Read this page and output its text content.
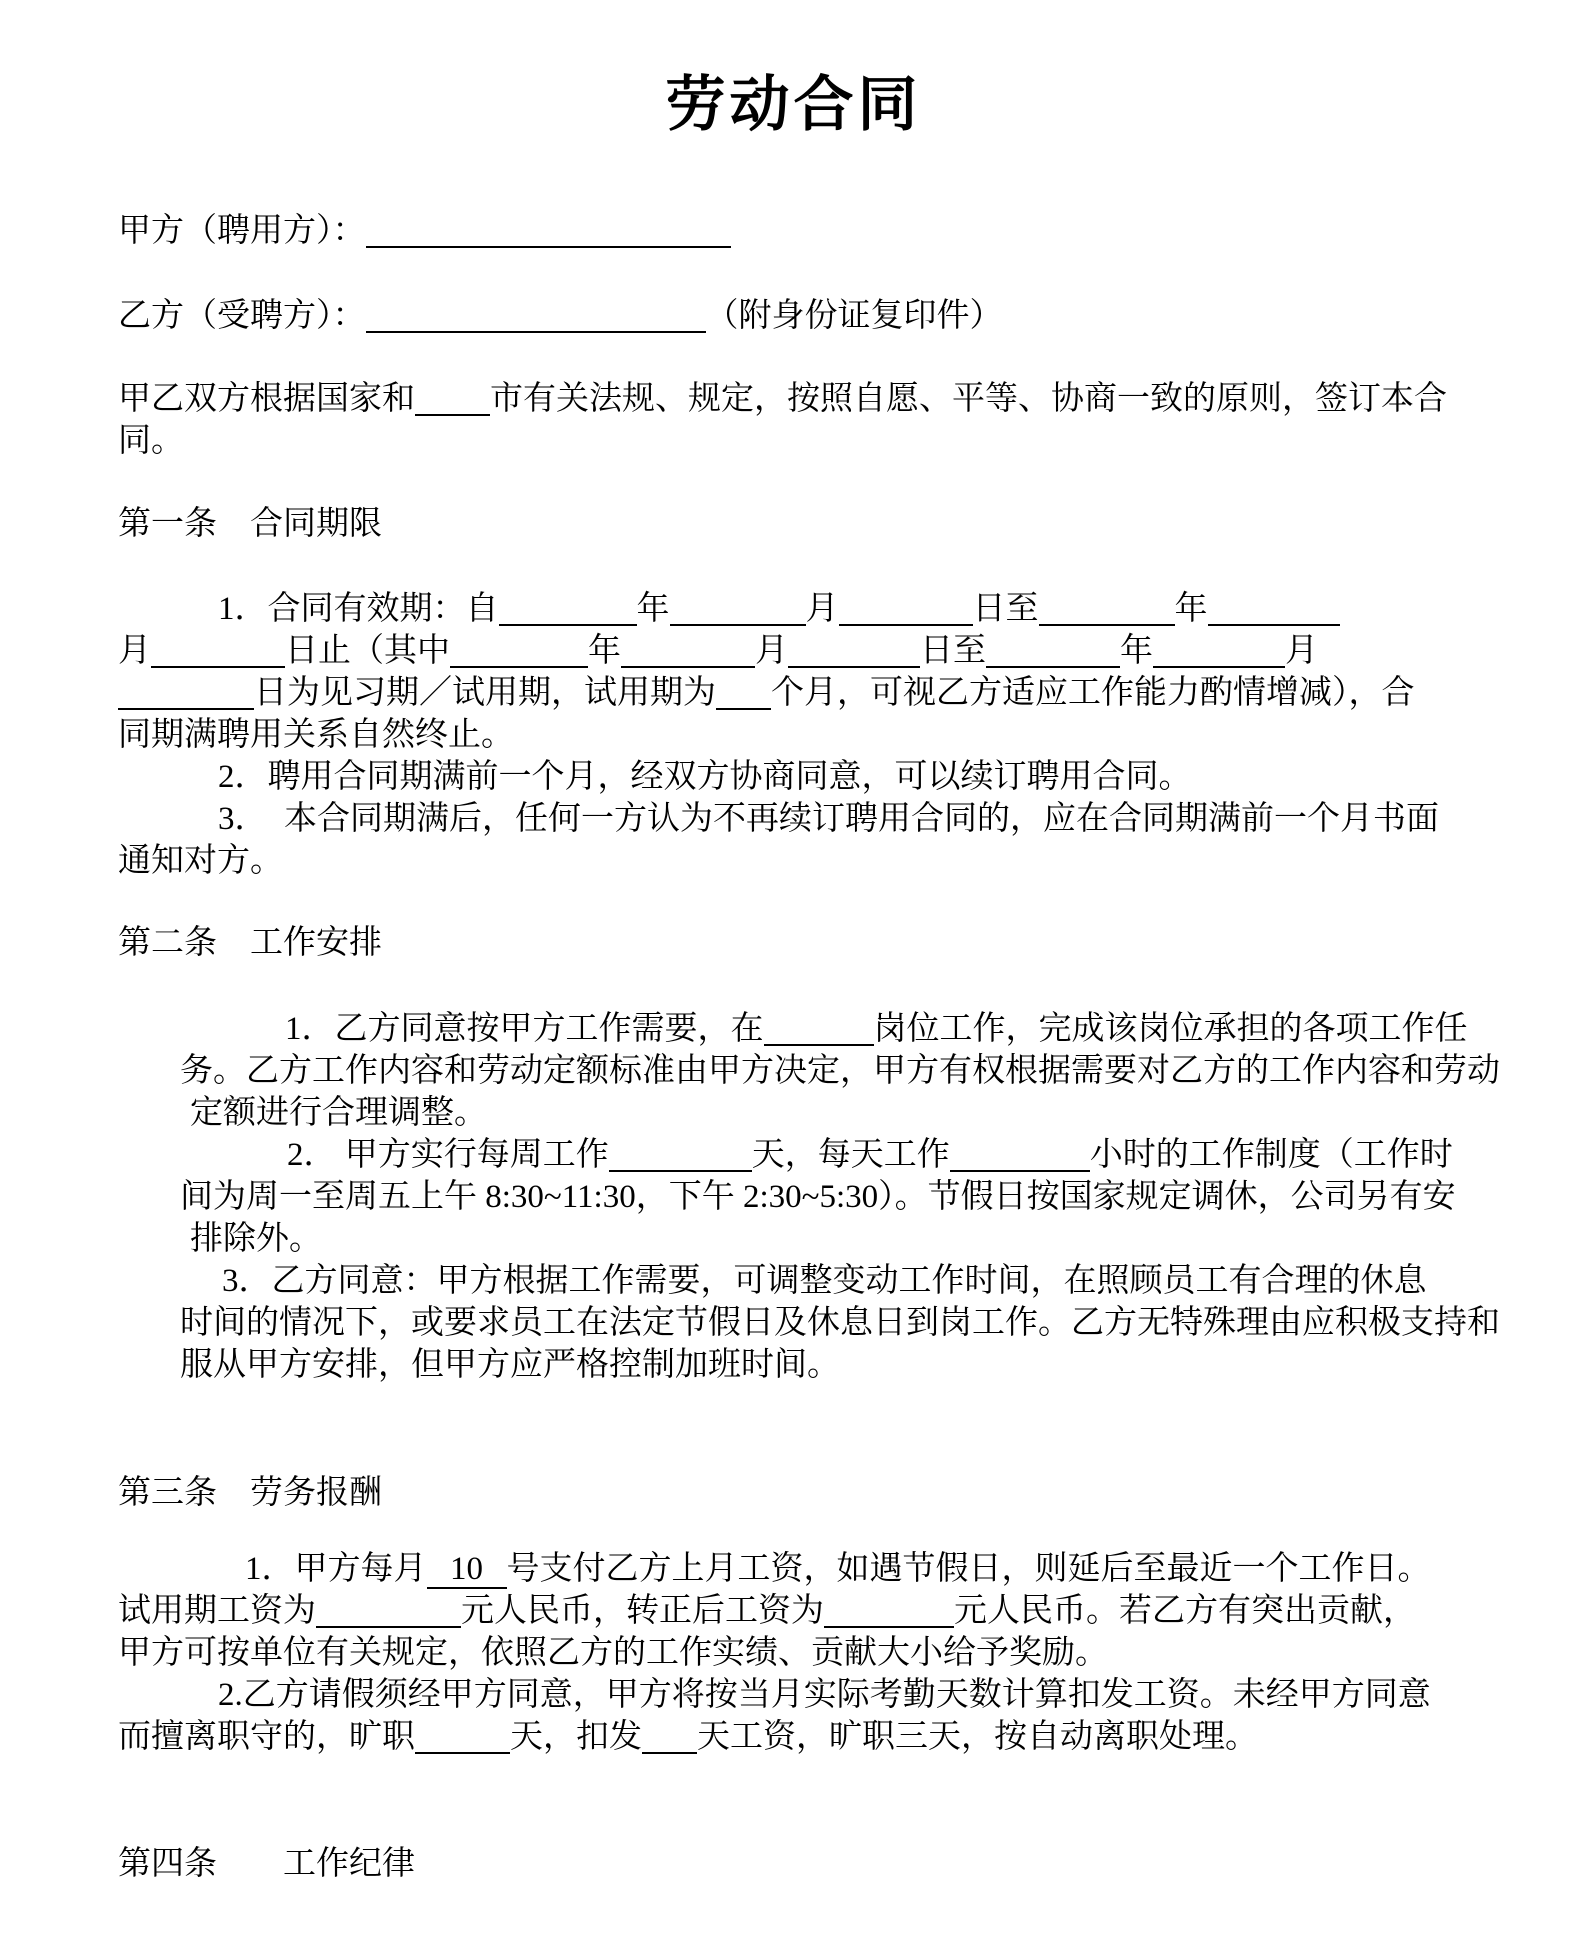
劳动合同
甲方（聘用方）：
乙方（受聘方）：	（附身份证复印件）
甲乙双方根据国家和 市有关法规、规定，按照自愿、平等、协商一致的原则，签订本合
同。
第一条　合同期限
1．合同有效期：自	年	月	日至	年
月	日止（其中	年	月	日至	年	月
日为见习期／试用期，试用期为 个月，可视乙方适应工作能力酌情增减），合
同期满聘用关系自然终止。
2．聘用合同期满前一个月，经双方协商同意，可以续订聘用合同。
3．　本合同期满后，任何一方认为不再续订聘用合同的，应在合同期满前一个月书面
通知对方。
第二条　工作安排
1．乙方同意按甲方工作需要，在	岗位工作，完成该岗位承担的各项工作任
务。乙方工作内容和劳动定额标准由甲方决定，甲方有权根据需要对乙方的工作内容和劳动
定额进行合理调整。
2． 甲方实行每周工作	天，每天工作	小时的工作制度（工作时
间为周一至周五上午 8:30~11:30，下午 2:30~5:30）。节假日按国家规定调休，公司另有安
排除外。
3．乙方同意：甲方根据工作需要，可调整变动工作时间，在照顾员工有合理的休息
时间的情况下，或要求员工在法定节假日及休息日到岗工作。乙方无特殊理由应积极支持和
服从甲方安排，但甲方应严格控制加班时间。
第三条　劳务报酬
1．甲方每月 10 号支付乙方上月工资，如遇节假日，则延后至最近一个工作日。
试用期工资为	元人民币，转正后工资为	元人民币。若乙方有突出贡献，
甲方可按单位有关规定，依照乙方的工作实绩、贡献大小给予奖励。
2.乙方请假须经甲方同意，甲方将按当月实际考勤天数计算扣发工资。未经甲方同意
而擅离职守的，旷职	天，扣发 天工资，旷职三天，按自动离职处理。
第四条　　工作纪律
